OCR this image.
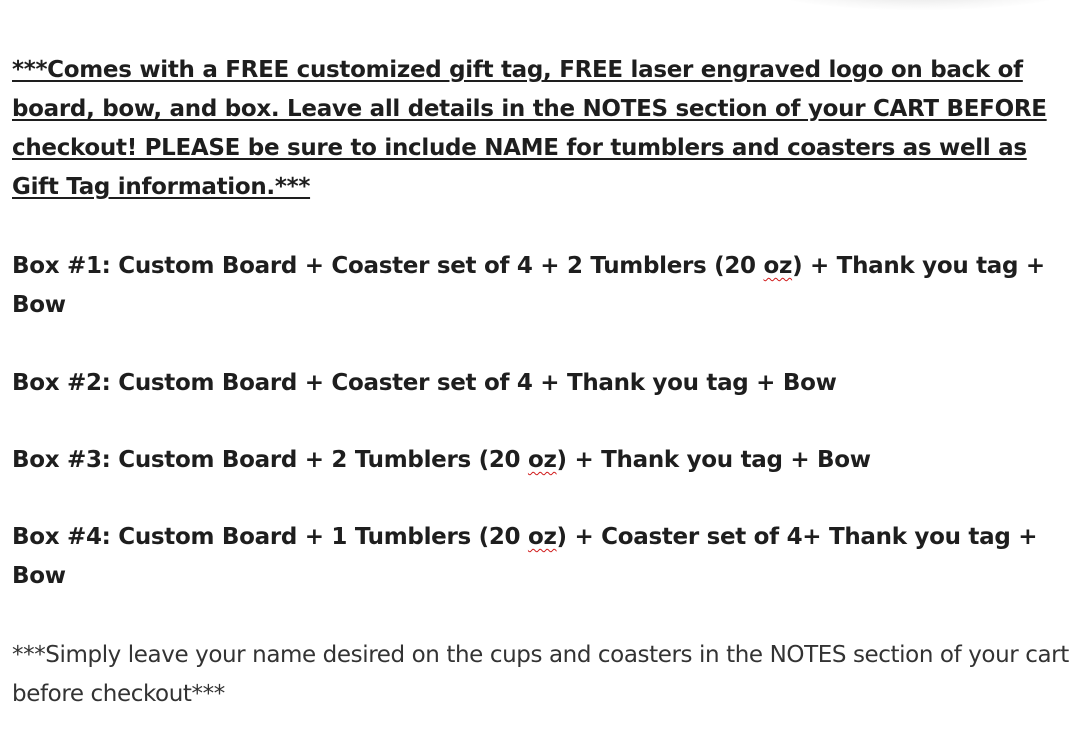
***Comes with a FREE customized gift tag, FREE laser engraved logo on back of board, bow, and box. Leave all details in the NOTES section of your CART BEFORE checkout! PLEASE be sure to include NAME for tumblers and coasters as well as Gift Tag information.***

Box #1: Custom Board + Coaster set of 4 + 2 Tumblers (20 oz) + Thank you tag + Bow

Box #2: Custom Board + Coaster set of 4 + Thank you tag + Bow

Box #3: Custom Board + 2 Tumblers (20 oz) + Thank you tag + Bow

Box #4: Custom Board + 1 Tumblers (20 oz) + Coaster set of 4+ Thank you tag + Bow

***Simply leave your name desired on the cups and coasters in the NOTES section of your cart before checkout***
